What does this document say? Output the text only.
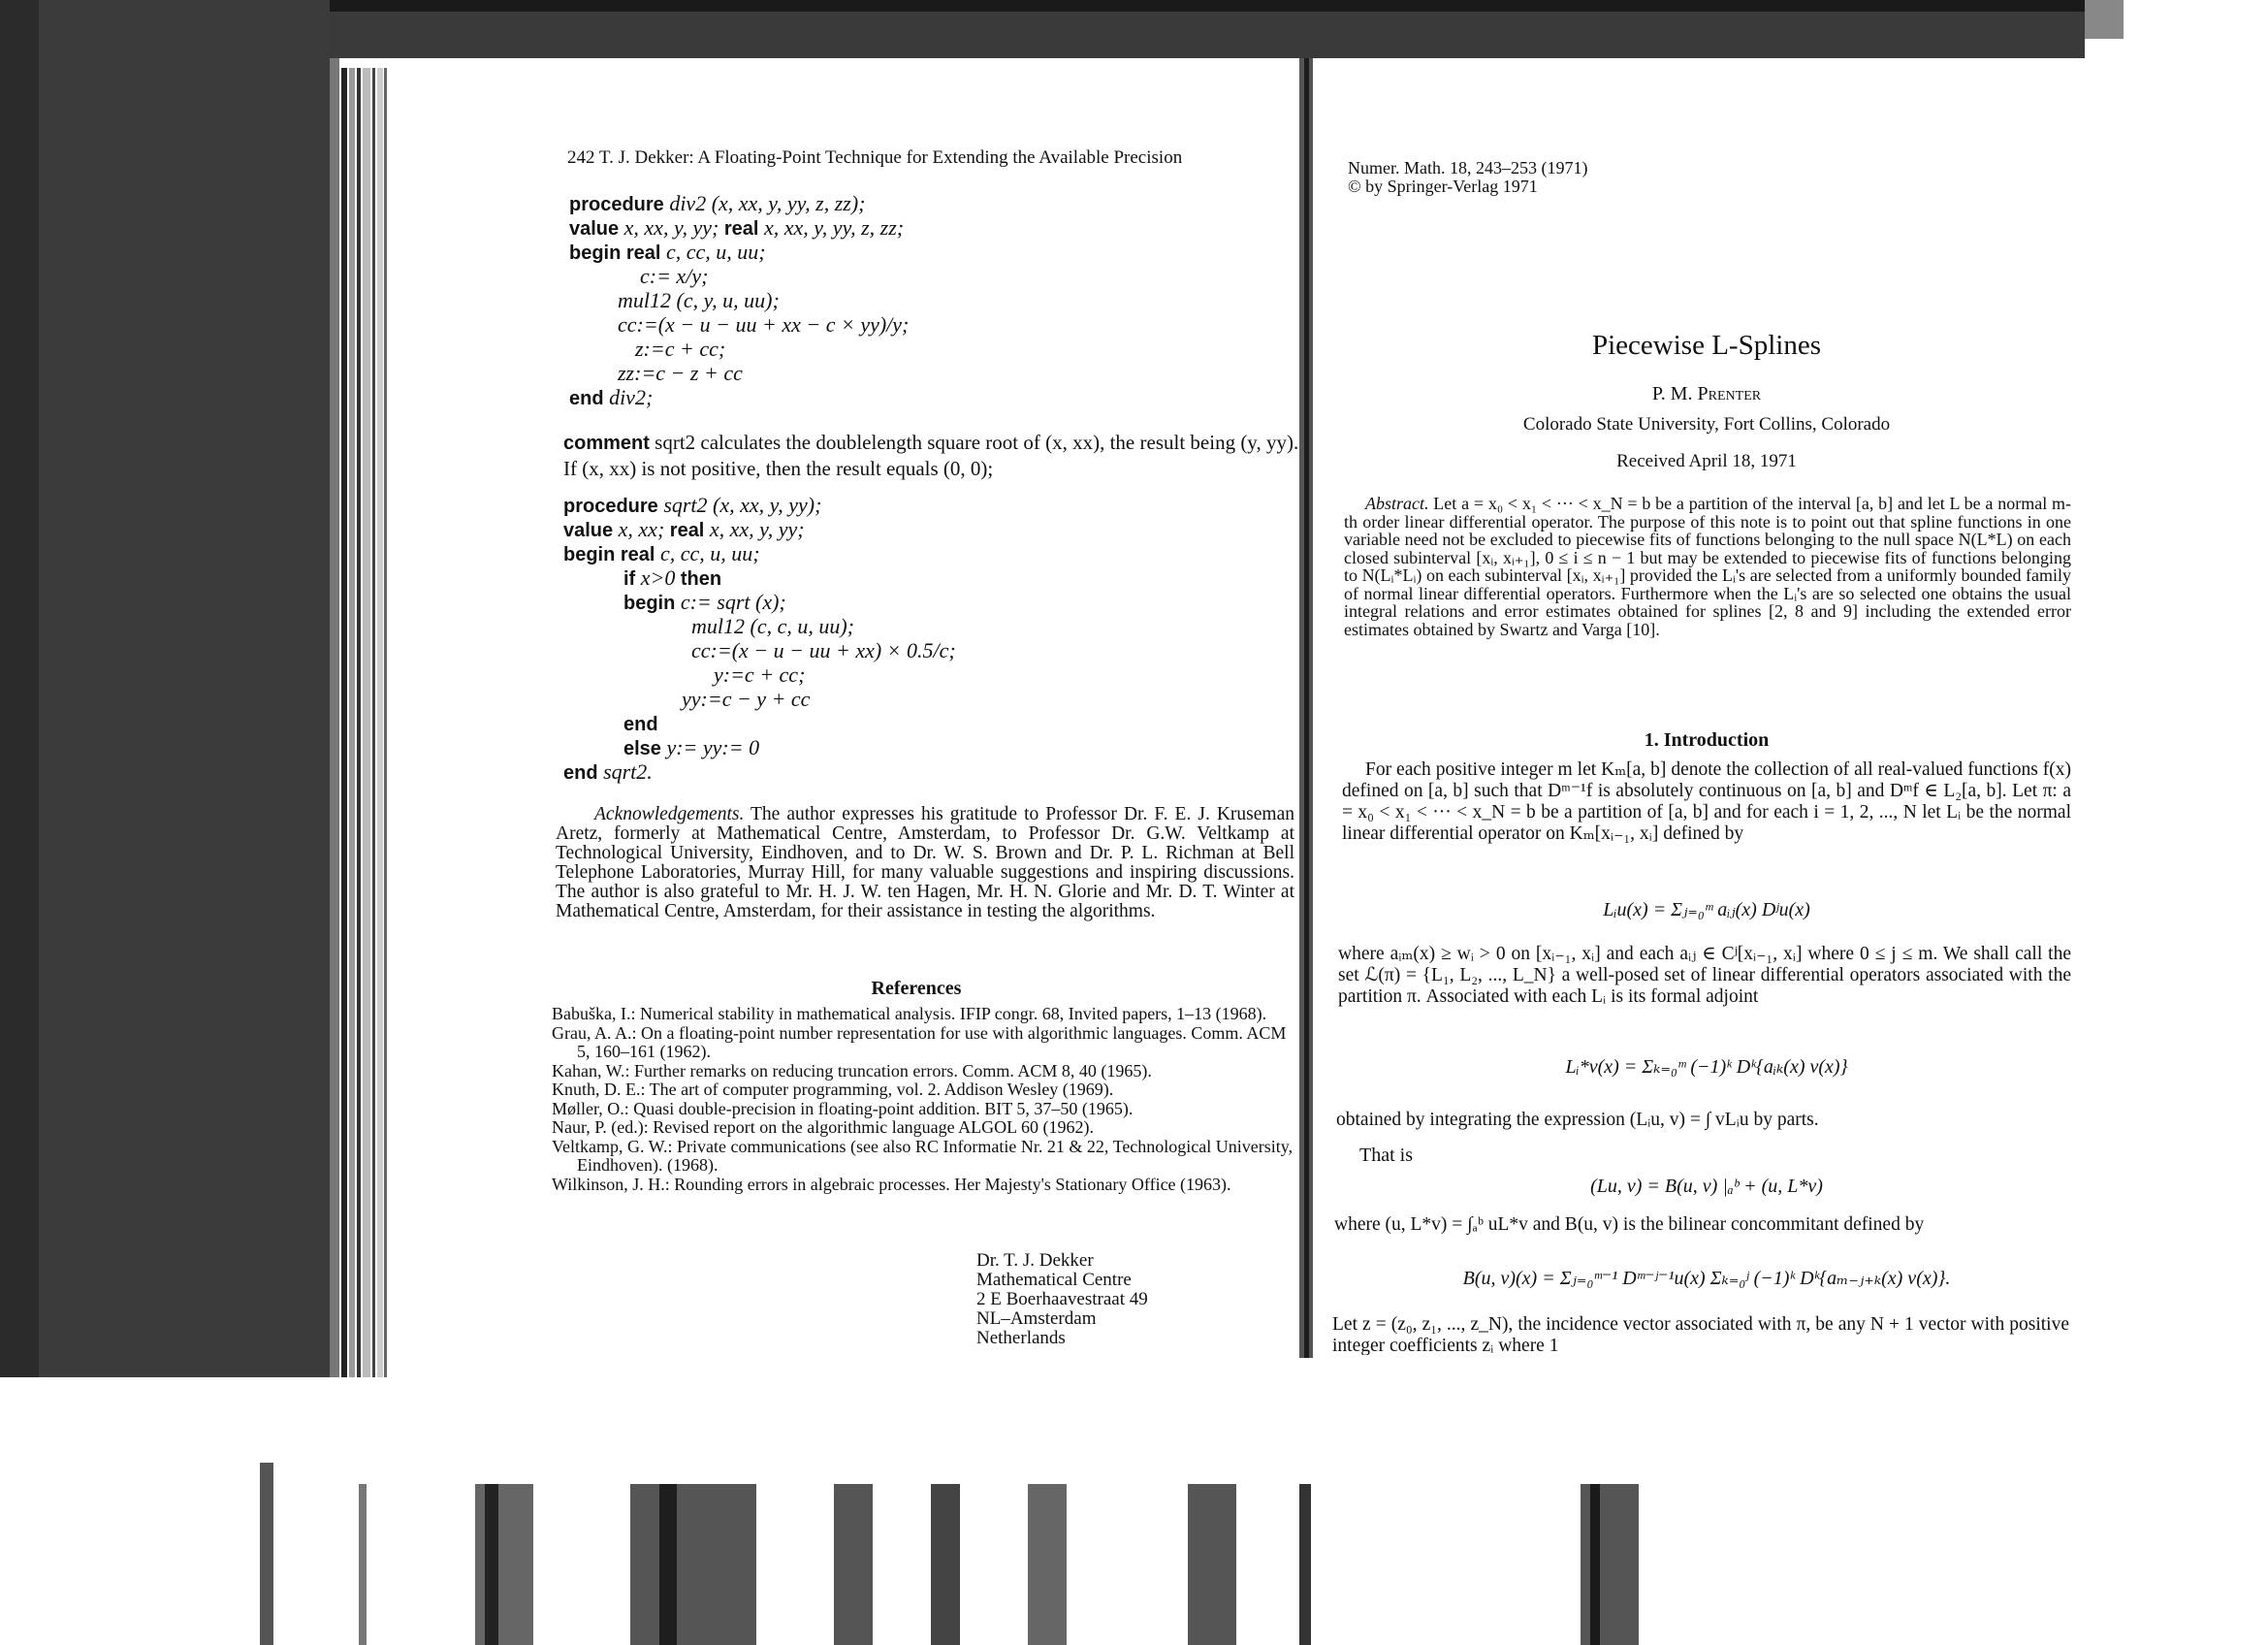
242 T. J. Dekker: A Floating-Point Technique for Extending the Available Precision
procedure div2 (x, xx, y, yy, z, zz);
value x, xx, y, yy; real x, xx, y, yy, z, zz;
begin real c, cc, u, uu;
c:= x/y;
mul12 (c, y, u, uu);
cc:=(x − u − uu + xx − c × yy)/y;
z:=c + cc;
zz:=c − z + cc
end div2;
comment sqrt2 calculates the doublelength square root of (x, xx), the result being (y, yy). If (x, xx) is not positive, then the result equals (0, 0);
procedure sqrt2 (x, xx, y, yy);
value x, xx; real x, xx, y, yy;
begin real c, cc, u, uu;
if x>0 then
begin c:= sqrt (x);
mul12 (c, c, u, uu);
cc:=(x − u − uu + xx) × 0.5/c;
y:=c + cc;
yy:=c − y + cc
end
else y:= yy:= 0
end sqrt2.
Acknowledgements. The author expresses his gratitude to Professor Dr. F. E. J. Kruseman Aretz, formerly at Mathematical Centre, Amsterdam, to Professor Dr. G.W. Veltkamp at Technological University, Eindhoven, and to Dr. W. S. Brown and Dr. P. L. Richman at Bell Telephone Laboratories, Murray Hill, for many valuable suggestions and inspiring discussions. The author is also grateful to Mr. H. J. W. ten Hagen, Mr. H. N. Glorie and Mr. D. T. Winter at Mathematical Centre, Amsterdam, for their assistance in testing the algorithms.
References
Babuška, I.: Numerical stability in mathematical analysis. IFIP congr. 68, Invited papers, 1–13 (1968).
Grau, A. A.: On a floating-point number representation for use with algorithmic languages. Comm. ACM 5, 160–161 (1962).
Kahan, W.: Further remarks on reducing truncation errors. Comm. ACM 8, 40 (1965).
Knuth, D. E.: The art of computer programming, vol. 2. Addison Wesley (1969).
Møller, O.: Quasi double-precision in floating-point addition. BIT 5, 37–50 (1965).
Naur, P. (ed.): Revised report on the algorithmic language ALGOL 60 (1962).
Veltkamp, G. W.: Private communications (see also RC Informatie Nr. 21 & 22, Technological University, Eindhoven). (1968).
Wilkinson, J. H.: Rounding errors in algebraic processes. Her Majesty's Stationary Office (1963).
Dr. T. J. Dekker
Mathematical Centre
2 E Boerhaavestraat 49
NL–Amsterdam
Netherlands
Numer. Math. 18, 243–253 (1971)
© by Springer-Verlag 1971
Piecewise L-Splines
P. M. Prenter
Colorado State University, Fort Collins, Colorado
Received April 18, 1971
Abstract. Let a = x₀ < x₁ < ··· < x_N = b be a partition of the interval [a, b] and let L be a normal m-th order linear differential operator. The purpose of this note is to point out that spline functions in one variable need not be excluded to piecewise fits of functions belonging to the null space N(L*L) on each closed subinterval [xᵢ, xᵢ₊₁], 0 ≤ i ≤ n − 1 but may be extended to piecewise fits of functions belonging to N(Lᵢ*Lᵢ) on each subinterval [xᵢ, xᵢ₊₁] provided the Lᵢ's are selected from a uniformly bounded family of normal linear differential operators. Furthermore when the Lᵢ's are so selected one obtains the usual integral relations and error estimates obtained for splines [2, 8 and 9] including the extended error estimates obtained by Swartz and Varga [10].
1. Introduction
For each positive integer m let Kₘ[a, b] denote the collection of all real-valued functions f(x) defined on [a, b] such that Dᵐ⁻¹f is absolutely continuous on [a, b] and Dᵐf ∈ L₂[a, b]. Let π: a = x₀ < x₁ < ··· < x_N = b be a partition of [a, b] and for each i = 1, 2, ..., N let Lᵢ be the normal linear differential operator on Kₘ[xᵢ₋₁, xᵢ] defined by
Lᵢu(x) = Σⱼ₌₀ᵐ aᵢⱼ(x) Dʲu(x)
where aᵢₘ(x) ≥ wᵢ > 0 on [xᵢ₋₁, xᵢ] and each aᵢⱼ ∈ Cʲ[xᵢ₋₁, xᵢ] where 0 ≤ j ≤ m. We shall call the set ℒ(π) = {L₁, L₂, ..., L_N} a well-posed set of linear differential operators associated with the partition π. Associated with each Lᵢ is its formal adjoint
Lᵢ*v(x) = Σₖ₌₀ᵐ (−1)ᵏ Dᵏ{aᵢₖ(x) v(x)}
obtained by integrating the expression (Lᵢu, v) = ∫ vLᵢu by parts.
That is
(Lu, v) = B(u, v) |ₐᵇ + (u, L*v)
where (u, L*v) = ∫ₐᵇ uL*v and B(u, v) is the bilinear concommitant defined by
B(u, v)(x) = Σⱼ₌₀ᵐ⁻¹ Dᵐ⁻ʲ⁻¹u(x) Σₖ₌₀ʲ (−1)ᵏ Dᵏ{aₘ₋ⱼ₊ₖ(x) v(x)}.
Let z = (z₀, z₁, ..., z_N), the incidence vector associated with π, be any N + 1 vector with positive integer coefficients zᵢ where 1
